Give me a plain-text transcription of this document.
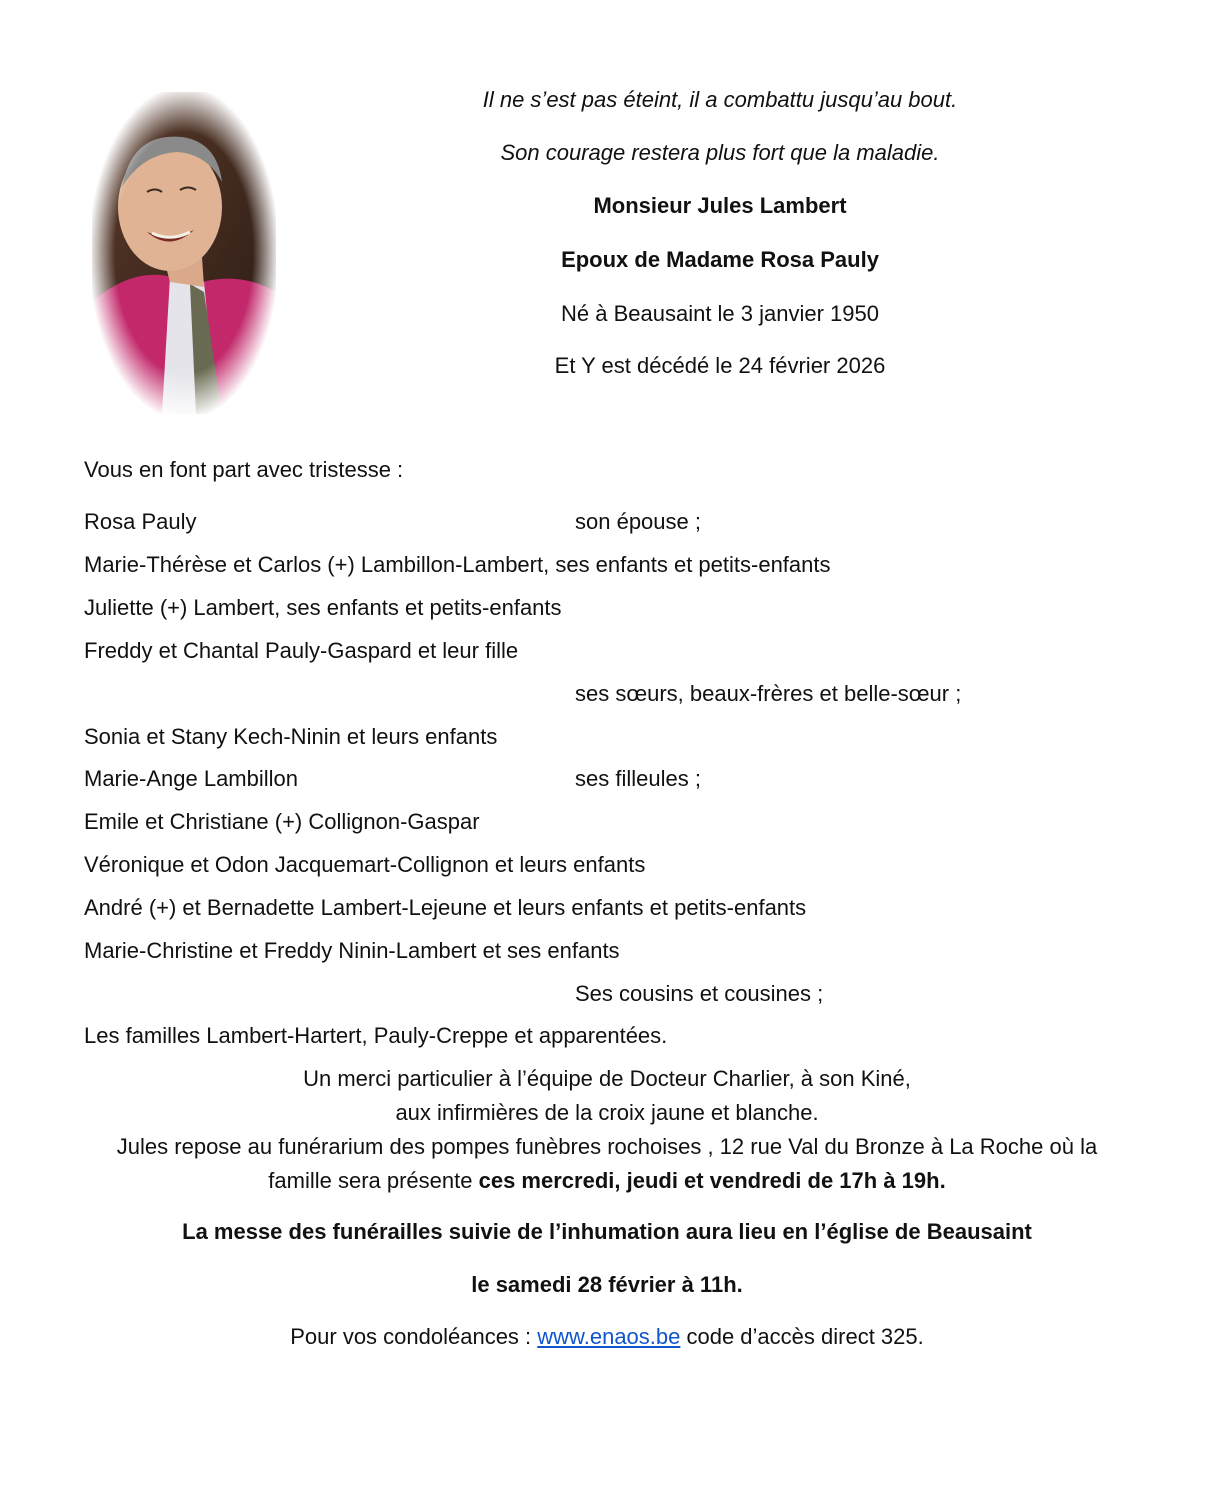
Il ne s’est pas éteint, il a combattu jusqu’au bout.
Son courage restera plus fort que la maladie.
Monsieur Jules Lambert
Epoux de Madame Rosa Pauly
Né à Beausaint le 3 janvier 1950
Et Y est décédé le 24 février 2026
Vous en font part avec tristesse :
Rosa Pauly	son épouse ;
Marie-Thérèse et Carlos (+) Lambillon-Lambert, ses enfants et petits-enfants
Juliette (+) Lambert, ses enfants et petits-enfants
Freddy et Chantal Pauly-Gaspard et leur fille
ses sœurs, beaux-frères et belle-sœur ;
Sonia et Stany Kech-Ninin et leurs enfants
Marie-Ange Lambillon	ses filleules ;
Emile et Christiane (+) Collignon-Gaspar
Véronique et Odon Jacquemart-Collignon et leurs enfants
André (+) et Bernadette Lambert-Lejeune et leurs enfants et petits-enfants
Marie-Christine et Freddy Ninin-Lambert et ses enfants
Ses cousins et cousines ;
Les familles Lambert-Hartert, Pauly-Creppe et apparentées.
Un merci particulier à l’équipe de Docteur Charlier, à son Kiné,
aux infirmières de la croix jaune et blanche.
Jules repose au funérarium des pompes funèbres rochoises , 12 rue Val du Bronze à La Roche où la
famille sera présente ces mercredi, jeudi et vendredi de 17h à 19h.
La messe des funérailles suivie de l’inhumation aura lieu en l’église de Beausaint
le samedi 28 février à 11h.
Pour vos condoléances : www.enaos.be code d’accès direct 325.
